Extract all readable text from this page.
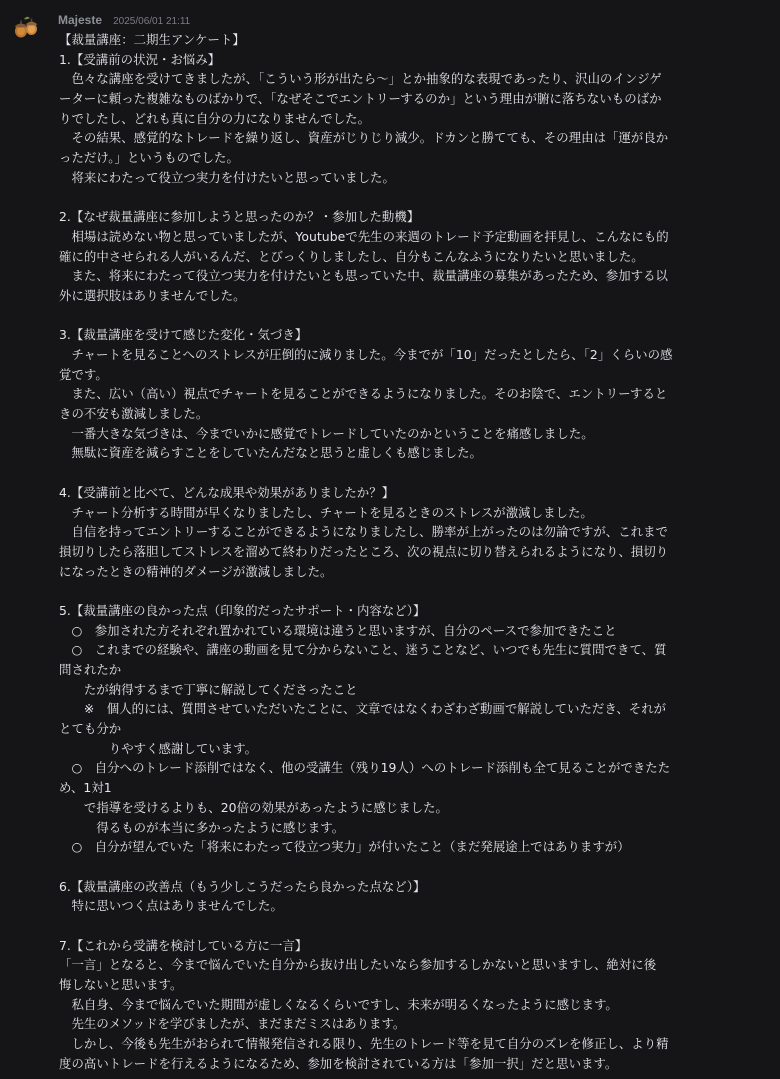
Majeste 2025/06/01 21:11
【裁量講座：二期生アンケート】
1.【受講前の状況・お悩み】
　色々な講座を受けてきましたが、「こういう形が出たら～」とか抽象的な表現であったり、沢山のインジゲ
ーターに頼った複雑なものばかりで、「なぜそこでエントリーするのか」という理由が腑に落ちないものばか
りでしたし、どれも真に自分の力になりませんでした。
　その結果、感覚的なトレードを繰り返し、資産がじりじり減少。ドカンと勝てても、その理由は「運が良か
っただけ。」というものでした。
　将来にわたって役立つ実力を付けたいと思っていました。
2.【なぜ裁量講座に参加しようと思ったのか？・参加した動機】
　相場は読めない物と思っていましたが、Youtubeで先生の来週のトレード予定動画を拝見し、こんなにも的
確に的中させられる人がいるんだ、とびっくりしましたし、自分もこんなふうになりたいと思いました。
　また、将来にわたって役立つ実力を付けたいとも思っていた中、裁量講座の募集があったため、参加する以
外に選択肢はありませんでした。
3.【裁量講座を受けて感じた変化・気づき】
　チャートを見ることへのストレスが圧倒的に減りました。今までが「10」だったとしたら、「2」くらいの感
覚です。
　また、広い（高い）視点でチャートを見ることができるようになりました。そのお陰で、エントリーすると
きの不安も激減しました。
　一番大きな気づきは、今までいかに感覚でトレードしていたのかということを痛感しました。
　無駄に資産を減らすことをしていたんだなと思うと虚しくも感じました。
4.【受講前と比べて、どんな成果や効果がありましたか？】
　チャート分析する時間が早くなりましたし、チャートを見るときのストレスが激減しました。
　自信を持ってエントリーすることができるようになりましたし、勝率が上がったのは勿論ですが、これまで
損切りしたら落胆してストレスを溜めて終わりだったところ、次の視点に切り替えられるようになり、損切り
になったときの精神的ダメージが激減しました。
5.【裁量講座の良かった点（印象的だったサポート・内容など）】
　○　参加された方それぞれ置かれている環境は違うと思いますが、自分のペースで参加できたこと
　○　これまでの経験や、講座の動画を見て分からないこと、迷うことなど、いつでも先生に質問できて、質
問されたか
　　たが納得するまで丁寧に解説してくださったこと
　　※　個人的には、質問させていただいたことに、文章ではなくわざわざ動画で解説していただき、それが
とても分か
　　　　りやすく感謝しています。
　○　自分へのトレード添削ではなく、他の受講生（残り19人）へのトレード添削も全て見ることができたた
め、1対1
　　で指導を受けるよりも、20倍の効果があったように感じました。
　　　得るものが本当に多かったように感じます。
　○　自分が望んでいた「将来にわたって役立つ実力」が付いたこと（まだ発展途上ではありますが）
6.【裁量講座の改善点（もう少しこうだったら良かった点など）】
　特に思いつく点はありませんでした。
7.【これから受講を検討している方に一言】
「一言」となると、今まで悩んでいた自分から抜け出したいなら参加するしかないと思いますし、絶対に後
悔しないと思います。
　私自身、今まで悩んでいた期間が虚しくなるくらいですし、未来が明るくなったように感じます。
　先生のメソッドを学びましたが、まだまだミスはあります。
　しかし、今後も先生がおられて情報発信される限り、先生のトレード等を見て自分のズレを修正し、より精
度の高いトレードを行えるようになるため、参加を検討されている方は「参加一択」だと思います。
